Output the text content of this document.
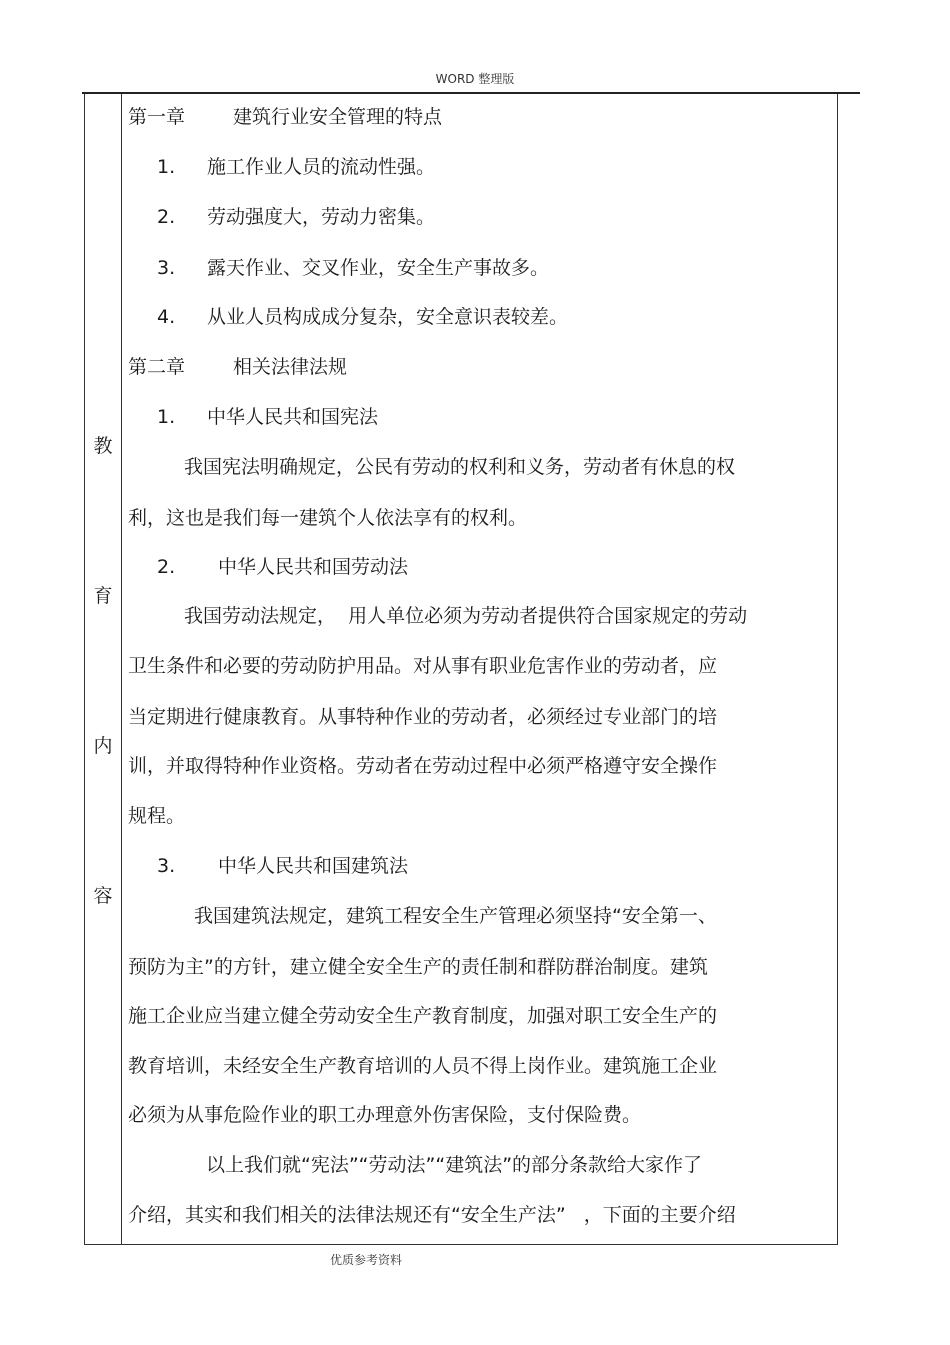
WORD 整理版
教
育
内
容
第一章	建筑行业安全管理的特点
1. 施工作业人员的流动性强。
2. 劳动强度大，劳动力密集。
3. 露天作业、交叉作业，安全生产事故多。
4. 从业人员构成成分复杂，安全意识表较差。
第二章	相关法律法规
1. 中华人民共和国宪法
我国宪法明确规定，公民有劳动的权利和义务，劳动者有休息的权
利，这也是我们每一建筑个人依法享有的权利。
2. 中华人民共和国劳动法
我国劳动法规定，  用人单位必须为劳动者提供符合国家规定的劳动
卫生条件和必要的劳动防护用品。对从事有职业危害作业的劳动者，应
当定期进行健康教育。从事特种作业的劳动者，必须经过专业部门的培
训，并取得特种作业资格。劳动者在劳动过程中必须严格遵守安全操作
规程。
3. 中华人民共和国建筑法
我国建筑法规定，建筑工程安全生产管理必须坚持“安全第一、
预防为主”的方针，建立健全安全生产的责任制和群防群治制度。建筑
施工企业应当建立健全劳动安全生产教育制度，加强对职工安全生产的
教育培训，未经安全生产教育培训的人员不得上岗作业。建筑施工企业
必须为从事危险作业的职工办理意外伤害保险，支付保险费。
以上我们就“宪法”“劳动法”“建筑法”的部分条款给大家作了
介绍，其实和我们相关的法律法规还有“安全生产法”   ，下面的主要介绍
优质参考资料
